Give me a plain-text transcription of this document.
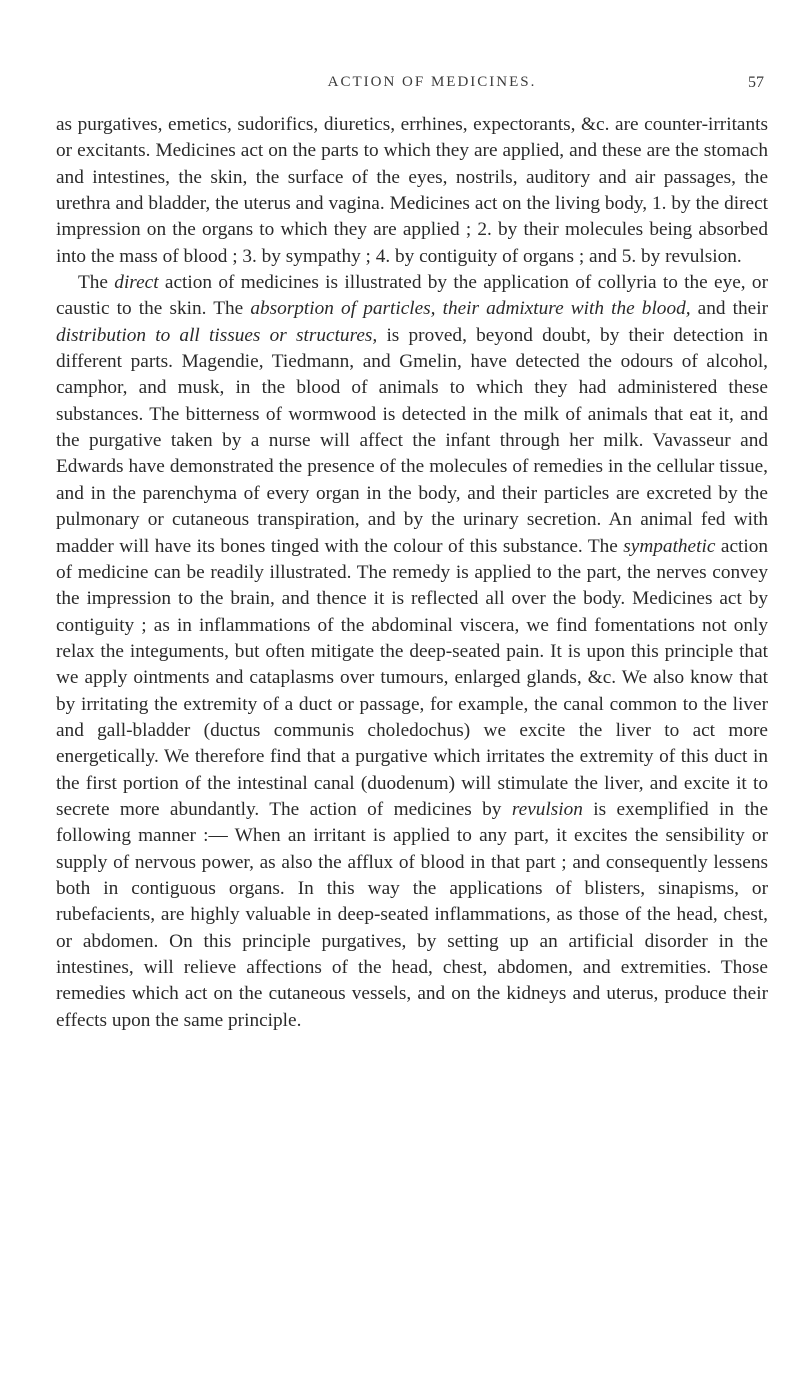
ACTION OF MEDICINES.	57

as purgatives, emetics, sudorifics, diuretics, errhines, expectorants, &c. are counter-irritants or excitants. Medicines act on the parts to which they are applied, and these are the stomach and intestines, the skin, the surface of the eyes, nostrils, auditory and air passages, the urethra and bladder, the uterus and vagina. Medicines act on the living body, 1. by the direct impression on the organs to which they are applied ; 2. by their molecules being absorbed into the mass of blood ; 3. by sympathy ; 4. by contiguity of organs ; and 5. by revulsion.

The direct action of medicines is illustrated by the application of collyria to the eye, or caustic to the skin. The absorption of particles, their admixture with the blood, and their distribution to all tissues or structures, is proved, beyond doubt, by their detection in different parts. Magendie, Tiedmann, and Gmelin, have detected the odours of alcohol, camphor, and musk, in the blood of animals to which they had administered these substances. The bitterness of wormwood is detected in the milk of animals that eat it, and the purgative taken by a nurse will affect the infant through her milk. Vavasseur and Edwards have demonstrated the presence of the molecules of remedies in the cellular tissue, and in the parenchyma of every organ in the body, and their particles are excreted by the pulmonary or cutaneous transpiration, and by the urinary secretion. An animal fed with madder will have its bones tinged with the colour of this substance. The sympathetic action of medicine can be readily illustrated. The remedy is applied to the part, the nerves convey the impression to the brain, and thence it is reflected all over the body. Medicines act by contiguity ; as in inflammations of the abdominal viscera, we find fomentations not only relax the integuments, but often mitigate the deep-seated pain. It is upon this principle that we apply ointments and cataplasms over tumours, enlarged glands, &c. We also know that by irritating the extremity of a duct or passage, for example, the canal common to the liver and gall-bladder (ductus communis choledochus) we excite the liver to act more energetically. We therefore find that a purgative which irritates the extremity of this duct in the first portion of the intestinal canal (duodenum) will stimulate the liver, and excite it to secrete more abundantly. The action of medicines by revulsion is exemplified in the following manner :— When an irritant is applied to any part, it excites the sensibility or supply of nervous power, as also the afflux of blood in that part ; and consequently lessens both in contiguous organs. In this way the applications of blisters, sinapisms, or rubefacients, are highly valuable in deep-seated inflammations, as those of the head, chest, or abdomen. On this principle purgatives, by setting up an artificial disorder in the intestines, will relieve affections of the head, chest, abdomen, and extremities. Those remedies which act on the cutaneous vessels, and on the kidneys and uterus, produce their effects upon the same principle.
